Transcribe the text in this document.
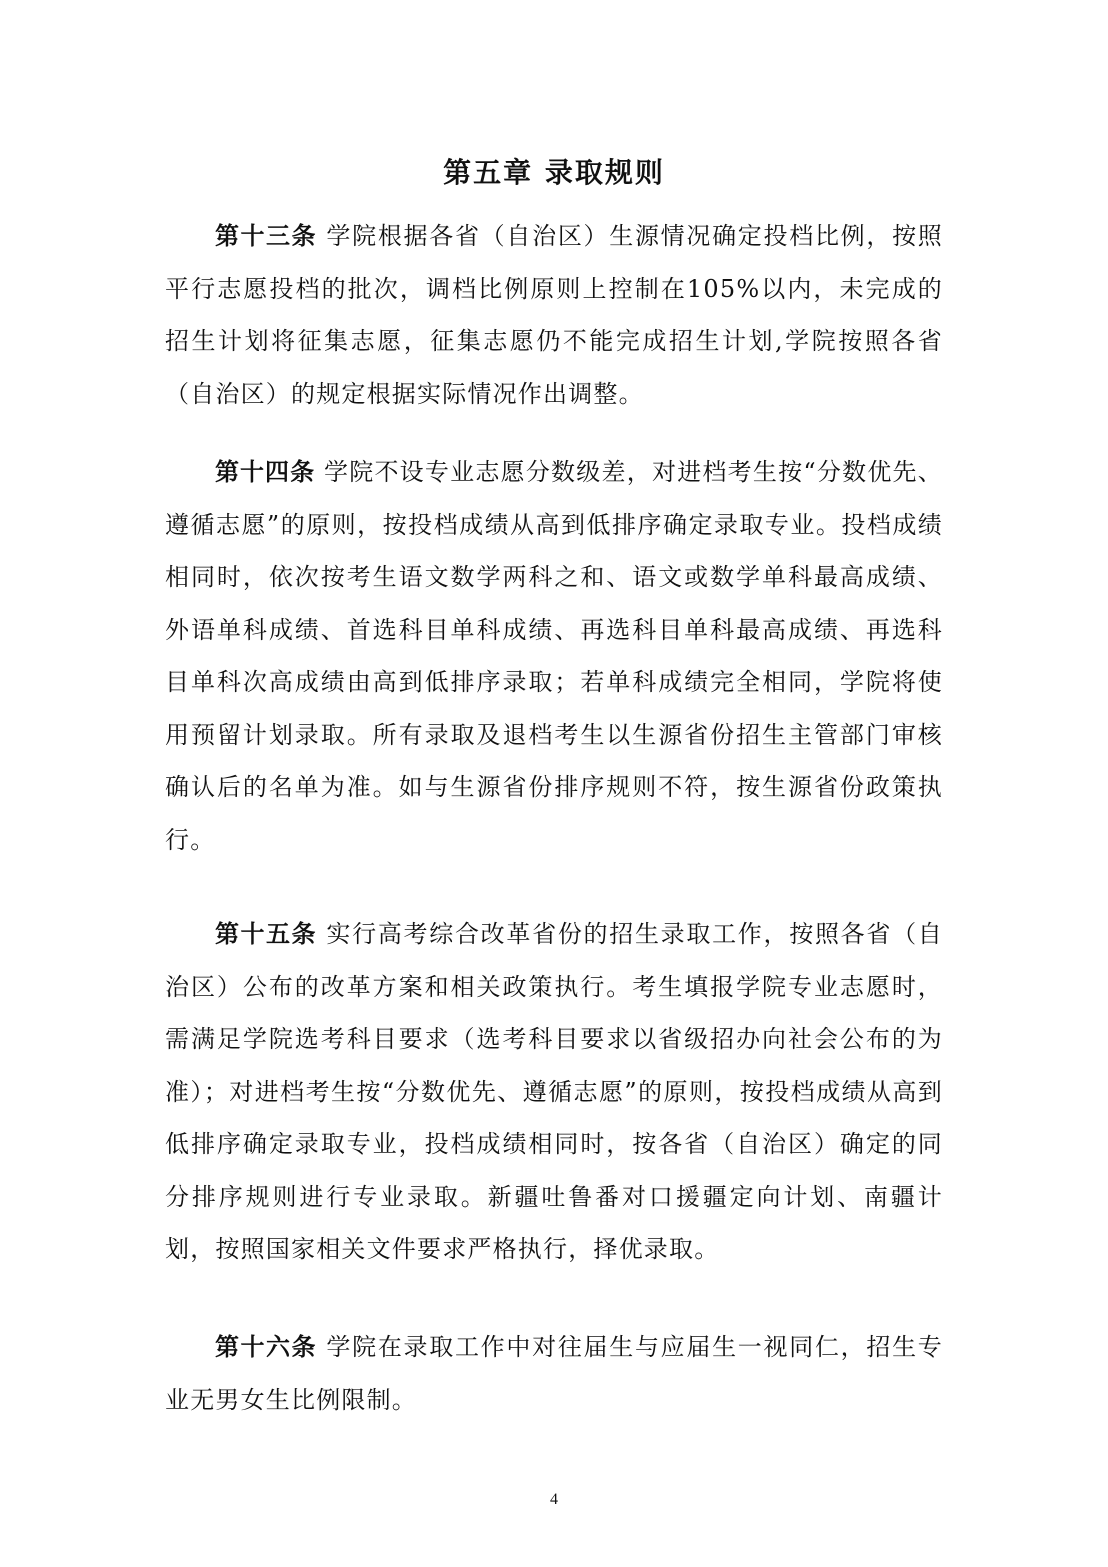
第五章 录取规则

第十三条 学院根据各省（自治区）生源情况确定投档比例，按照平行志愿投档的批次，调档比例原则上控制在105%以内，未完成的招生计划将征集志愿，征集志愿仍不能完成招生计划,学院按照各省（自治区）的规定根据实际情况作出调整。

第十四条 学院不设专业志愿分数级差，对进档考生按“分数优先、遵循志愿”的原则，按投档成绩从高到低排序确定录取专业。投档成绩相同时，依次按考生语文数学两科之和、语文或数学单科最高成绩、外语单科成绩、首选科目单科成绩、再选科目单科最高成绩、再选科目单科次高成绩由高到低排序录取；若单科成绩完全相同，学院将使用预留计划录取。所有录取及退档考生以生源省份招生主管部门审核确认后的名单为准。如与生源省份排序规则不符，按生源省份政策执行。

第十五条 实行高考综合改革省份的招生录取工作，按照各省（自治区）公布的改革方案和相关政策执行。考生填报学院专业志愿时，需满足学院选考科目要求（选考科目要求以省级招办向社会公布的为准）；对进档考生按“分数优先、遵循志愿”的原则，按投档成绩从高到低排序确定录取专业，投档成绩相同时，按各省（自治区）确定的同分排序规则进行专业录取。新疆吐鲁番对口援疆定向计划、南疆计划，按照国家相关文件要求严格执行，择优录取。

第十六条 学院在录取工作中对往届生与应届生一视同仁，招生专业无男女生比例限制。

4
